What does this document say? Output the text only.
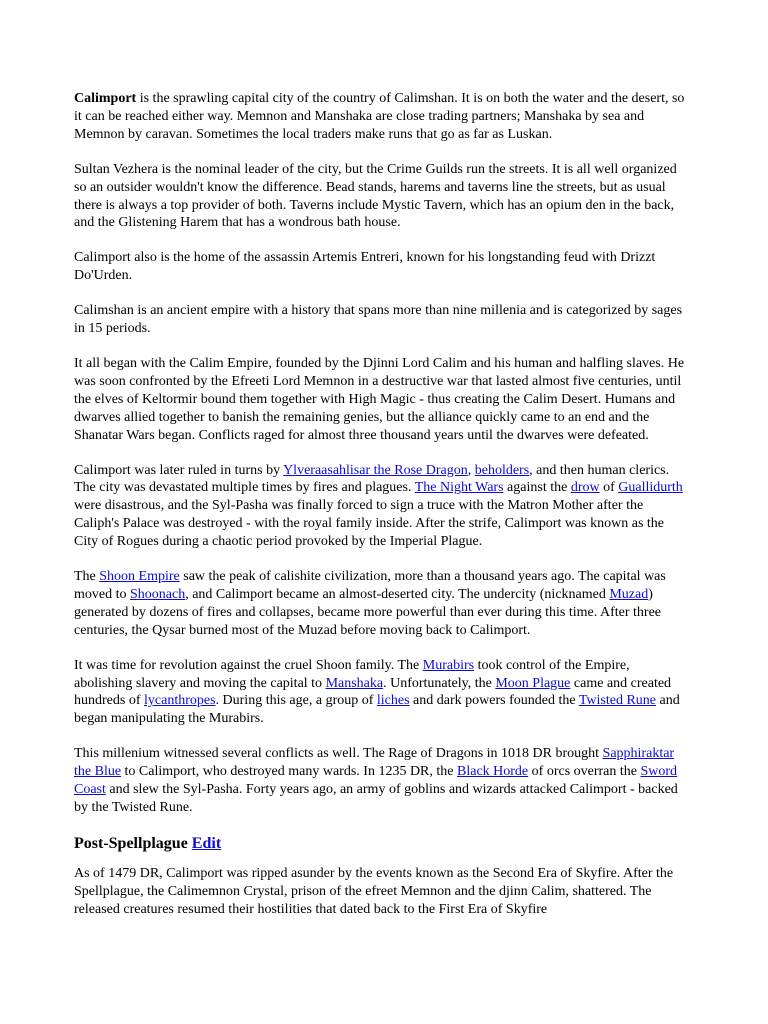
Calimport is the sprawling capital city of the country of Calimshan. It is on both the water and the desert, so it can be reached either way. Memnon and Manshaka are close trading partners; Manshaka by sea and Memnon by caravan. Sometimes the local traders make runs that go as far as Luskan.

Sultan Vezhera is the nominal leader of the city, but the Crime Guilds run the streets. It is all well organized so an outsider wouldn't know the difference. Bead stands, harems and taverns line the streets, but as usual there is always a top provider of both. Taverns include Mystic Tavern, which has an opium den in the back, and the Glistening Harem that has a wondrous bath house.

Calimport also is the home of the assassin Artemis Entreri, known for his longstanding feud with Drizzt Do'Urden.

Calimshan is an ancient empire with a history that spans more than nine millenia and is categorized by sages in 15 periods.

It all began with the Calim Empire, founded by the Djinni Lord Calim and his human and halfling slaves. He was soon confronted by the Efreeti Lord Memnon in a destructive war that lasted almost five centuries, until the elves of Keltormir bound them together with High Magic - thus creating the Calim Desert. Humans and dwarves allied together to banish the remaining genies, but the alliance quickly came to an end and the Shanatar Wars began. Conflicts raged for almost three thousand years until the dwarves were defeated.

Calimport was later ruled in turns by Ylveraasahlisar the Rose Dragon, beholders, and then human clerics. The city was devastated multiple times by fires and plagues. The Night Wars against the drow of Guallidurth were disastrous, and the Syl-Pasha was finally forced to sign a truce with the Matron Mother after the Caliph's Palace was destroyed - with the royal family inside. After the strife, Calimport was known as the City of Rogues during a chaotic period provoked by the Imperial Plague.

The Shoon Empire saw the peak of calishite civilization, more than a thousand years ago. The capital was moved to Shoonach, and Calimport became an almost-deserted city. The undercity (nicknamed Muzad) generated by dozens of fires and collapses, became more powerful than ever during this time. After three centuries, the Qysar burned most of the Muzad before moving back to Calimport.

It was time for revolution against the cruel Shoon family. The Murabirs took control of the Empire, abolishing slavery and moving the capital to Manshaka. Unfortunately, the Moon Plague came and created hundreds of lycanthropes. During this age, a group of liches and dark powers founded the Twisted Rune and began manipulating the Murabirs.

This millenium witnessed several conflicts as well. The Rage of Dragons in 1018 DR brought Sapphiraktar the Blue to Calimport, who destroyed many wards. In 1235 DR, the Black Horde of orcs overran the Sword Coast and slew the Syl-Pasha. Forty years ago, an army of goblins and wizards attacked Calimport - backed by the Twisted Rune.

Post-Spellplague Edit

As of 1479 DR, Calimport was ripped asunder by the events known as the Second Era of Skyfire. After the Spellplague, the Calimemnon Crystal, prison of the efreet Memnon and the djinn Calim, shattered. The released creatures resumed their hostilities that dated back to the First Era of Skyfire
